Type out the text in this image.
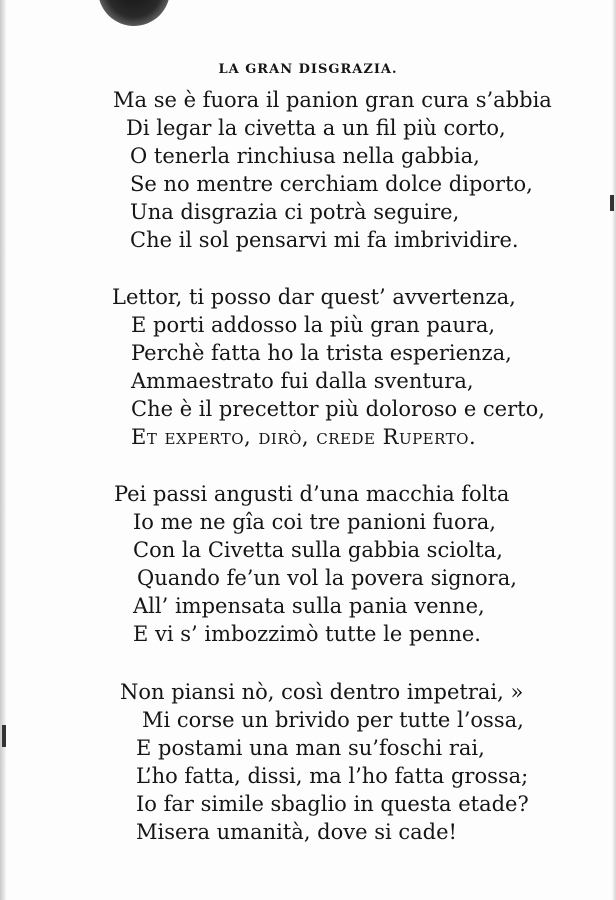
LA GRAN DISGRAZIA.
Ma se è fuora il panion gran cura s’abbia
Di legar la civetta a un fil più corto,
O tenerla rinchiusa nella gabbia,
Se no mentre cerchiam dolce diporto,
Una disgrazia ci potrà seguire,
Che il sol pensarvi mi fa imbrividire.
Lettor, ti posso dar quest’ avvertenza,
E porti addosso la più gran paura,
Perchè fatta ho la trista esperienza,
Ammaestrato fui dalla sventura,
Che è il precettor più doloroso e certo,
Et experto, dirò, crede Ruperto.
Pei passi angusti d’una macchia folta
Io me ne gîa coi tre panioni fuora,
Con la Civetta sulla gabbia sciolta,
Quando fe’un vol la povera signora,
All’ impensata sulla pania venne,
E vi s’ imbozzimò tutte le penne.
Non piansi nò, così dentro impetrai, »
Mi corse un brivido per tutte l’ossa,
E postami una man su’foschi rai,
L’ho fatta, dissi, ma l’ho fatta grossa;
Io far simile sbaglio in questa etade?
Misera umanità, dove si cade!
